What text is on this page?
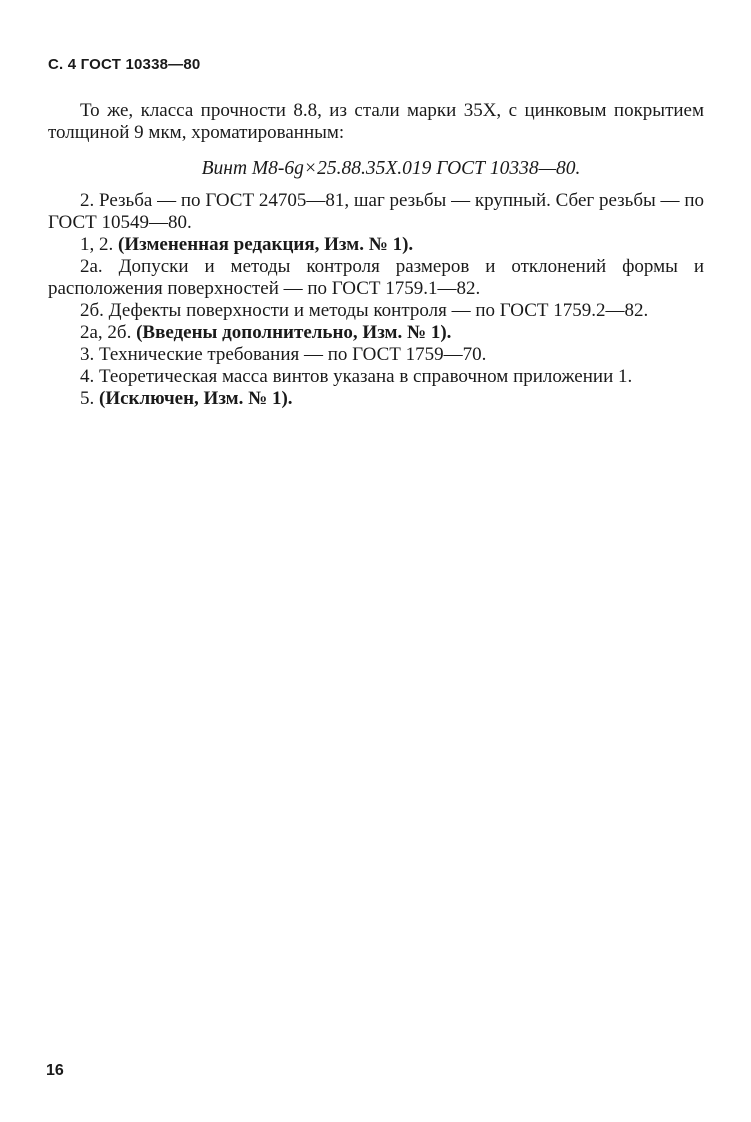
С. 4 ГОСТ 10338—80

То же, класса прочности 8.8, из стали марки 35Х, с цинковым покрытием толщиной 9 мкм, хроматированным:

Винт М8-6g×25.88.35Х.019 ГОСТ 10338—80.

2. Резьба — по ГОСТ 24705—81, шаг резьбы — крупный. Сбег резьбы — по ГОСТ 10549—80.

1, 2. (Измененная редакция, Изм. № 1).

2а. Допуски и методы контроля размеров и отклонений формы и расположения поверхностей — по ГОСТ 1759.1—82.

2б. Дефекты поверхности и методы контроля — по ГОСТ 1759.2—82.

2а, 2б. (Введены дополнительно, Изм. № 1).

3. Технические требования — по ГОСТ 1759—70.

4. Теоретическая масса винтов указана в справочном приложении 1.

5. (Исключен, Изм. № 1).

16
